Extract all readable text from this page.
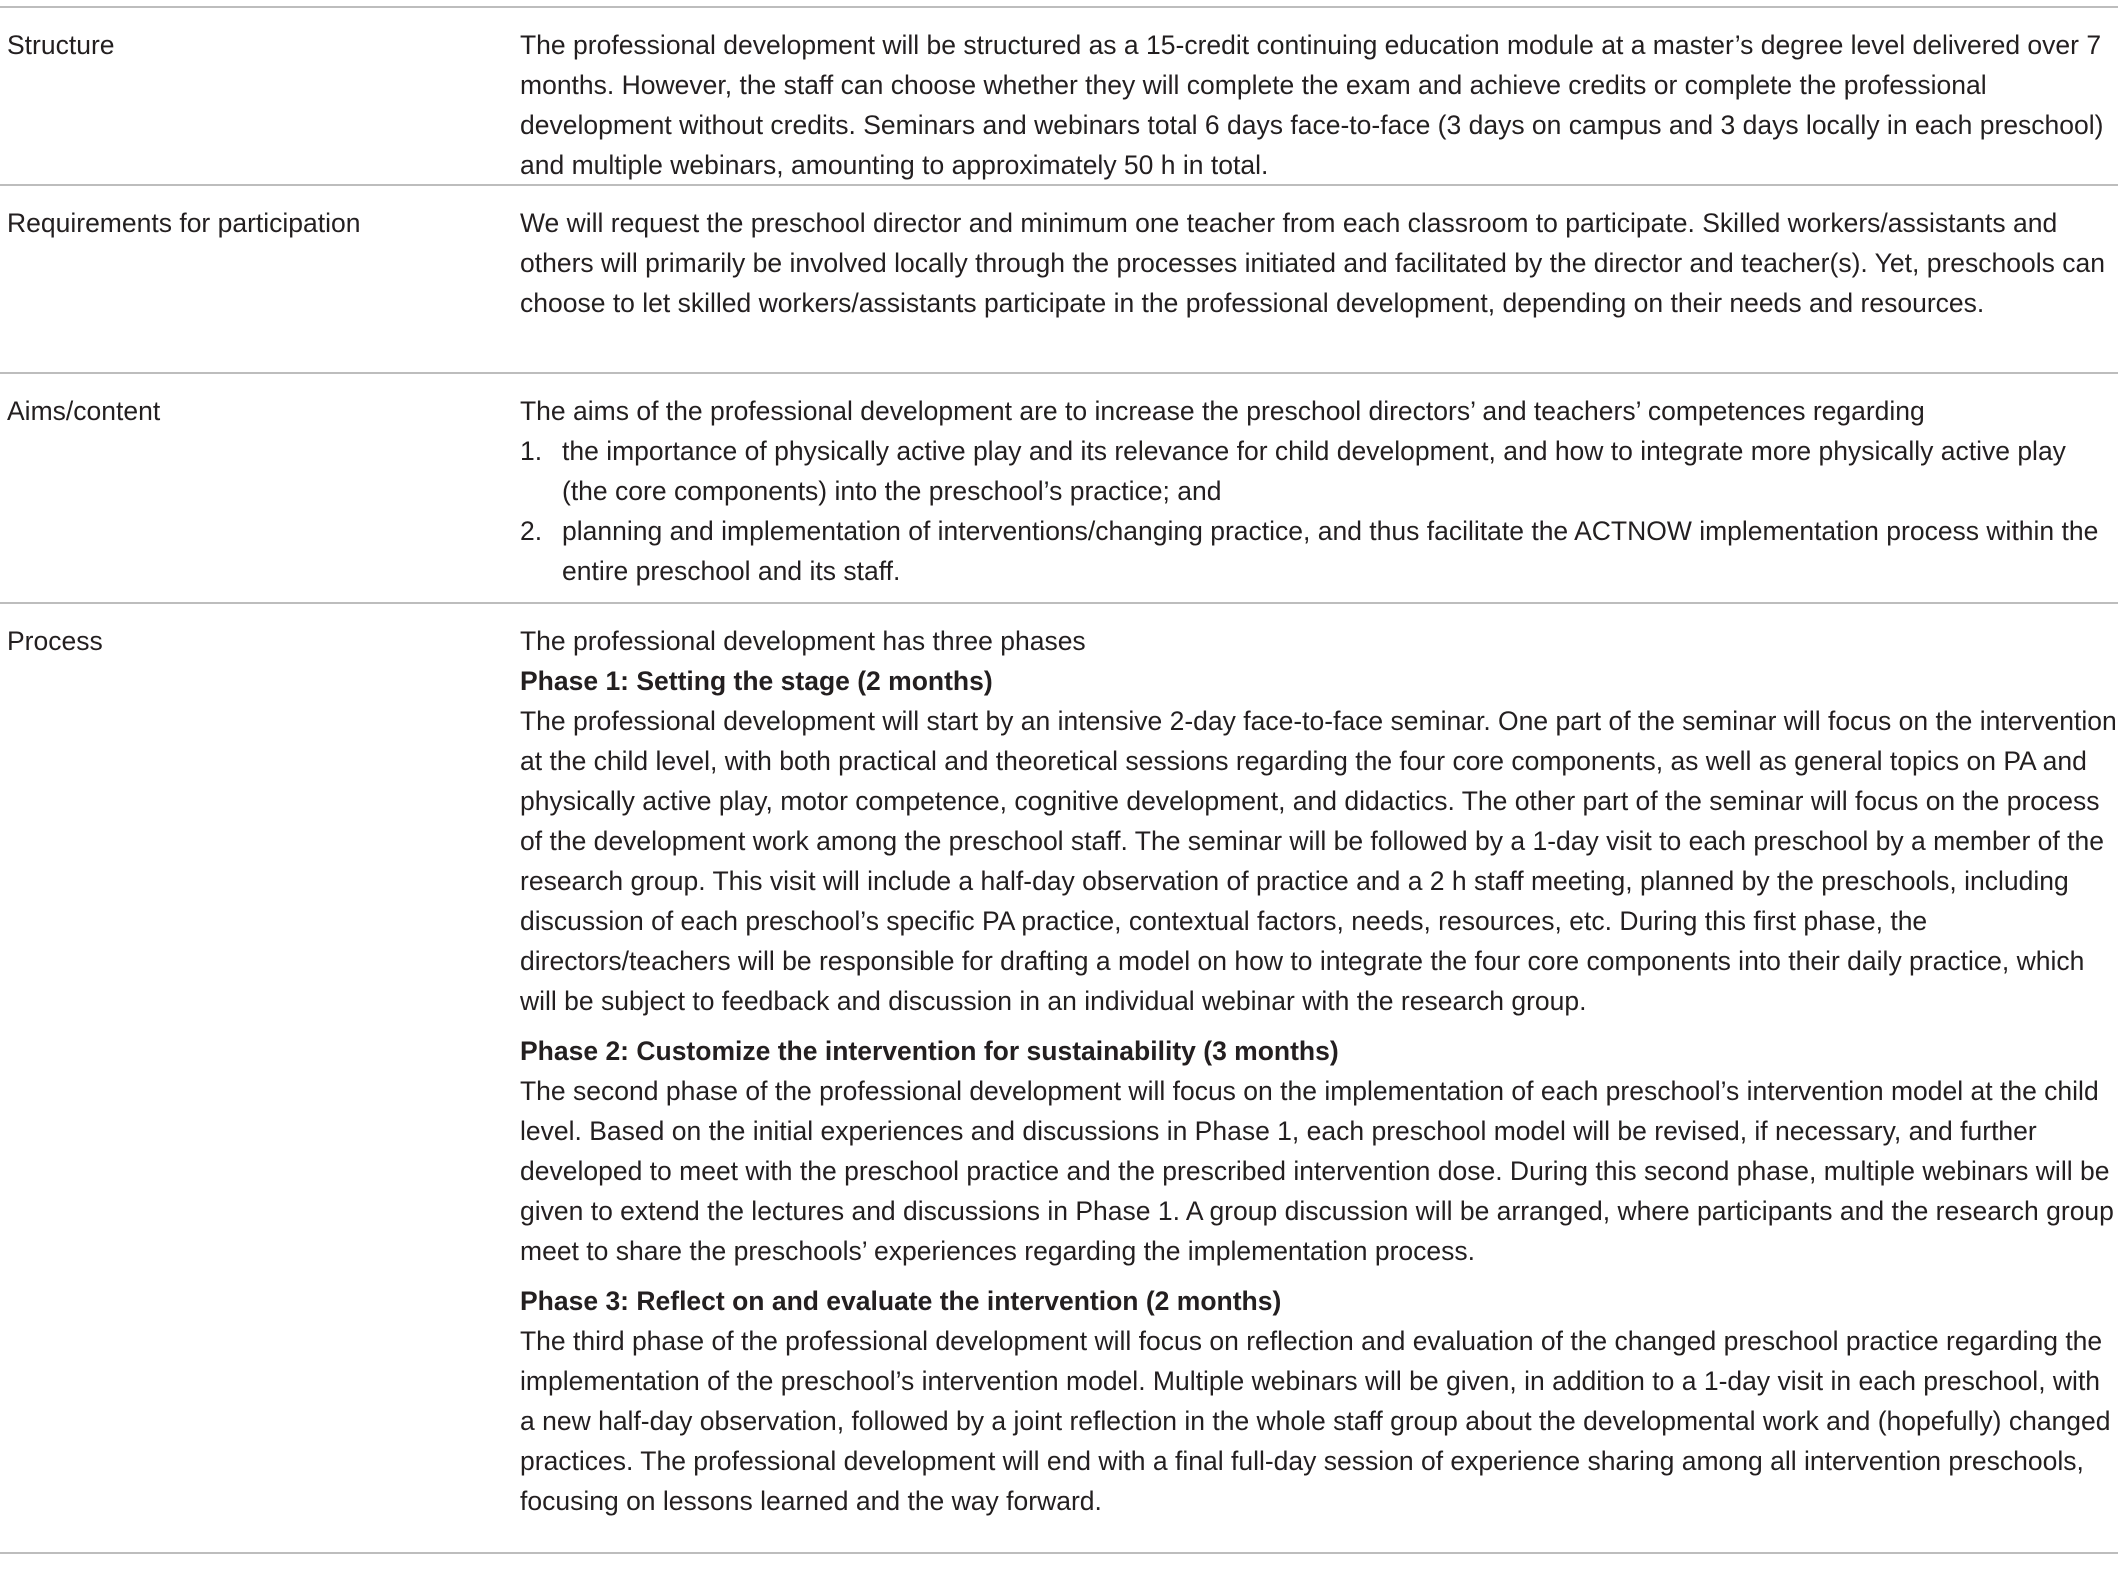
Structure	The professional development will be structured as a 15-credit continuing education module at a master’s degree level delivered over 7 months. However, the staff can choose whether they will complete the exam and achieve credits or complete the professional development without credits. Seminars and webinars total 6 days face-to-face (3 days on campus and 3 days locally in each preschool) and multiple webinars, amounting to approximately 50 h in total.

Requirements for participation	We will request the preschool director and minimum one teacher from each classroom to participate. Skilled workers/assistants and others will primarily be involved locally through the processes initiated and facilitated by the director and teacher(s). Yet, preschools can choose to let skilled workers/assistants participate in the professional development, depending on their needs and resources.

Aims/content	The aims of the professional development are to increase the preschool directors’ and teachers’ competences regarding

1. the importance of physically active play and its relevance for child development, and how to integrate more physically active play (the core components) into the preschool’s practice; and
2. planning and implementation of interventions/changing practice, and thus facilitate the ACTNOW implementation process within the entire preschool and its staff.
Process	The professional development has three phases

Phase 1: Setting the stage (2 months)

The professional development will start by an intensive 2-day face-to-face seminar. One part of the seminar will focus on the intervention at the child level, with both practical and theoretical sessions regarding the four core components, as well as general topics on PA and physically active play, motor competence, cognitive development, and didactics. The other part of the seminar will focus on the process of the development work among the preschool staff. The seminar will be followed by a 1-day visit to each preschool by a member of the research group. This visit will include a half-day observation of practice and a 2 h staff meeting, planned by the preschools, including discussion of each preschool’s specific PA practice, contextual factors, needs, resources, etc. During this first phase, the directors/teachers will be responsible for drafting a model on how to integrate the four core components into their daily practice, which will be subject to feedback and discussion in an individual webinar with the research group.

Phase 2: Customize the intervention for sustainability (3 months)

The second phase of the professional development will focus on the implementation of each preschool’s intervention model at the child level. Based on the initial experiences and discussions in Phase 1, each preschool model will be revised, if necessary, and further developed to meet with the preschool practice and the prescribed intervention dose. During this second phase, multiple webinars will be given to extend the lectures and discussions in Phase 1. A group discussion will be arranged, where participants and the research group meet to share the preschools’ experiences regarding the implementation process.

Phase 3: Reflect on and evaluate the intervention (2 months)

The third phase of the professional development will focus on reflection and evaluation of the changed preschool practice regarding the implementation of the preschool’s intervention model. Multiple webinars will be given, in addition to a 1-day visit in each preschool, with a new half-day observation, followed by a joint reflection in the whole staff group about the developmental work and (hopefully) changed practices. The professional development will end with a final full-day session of experience sharing among all intervention preschools, focusing on lessons learned and the way forward.
